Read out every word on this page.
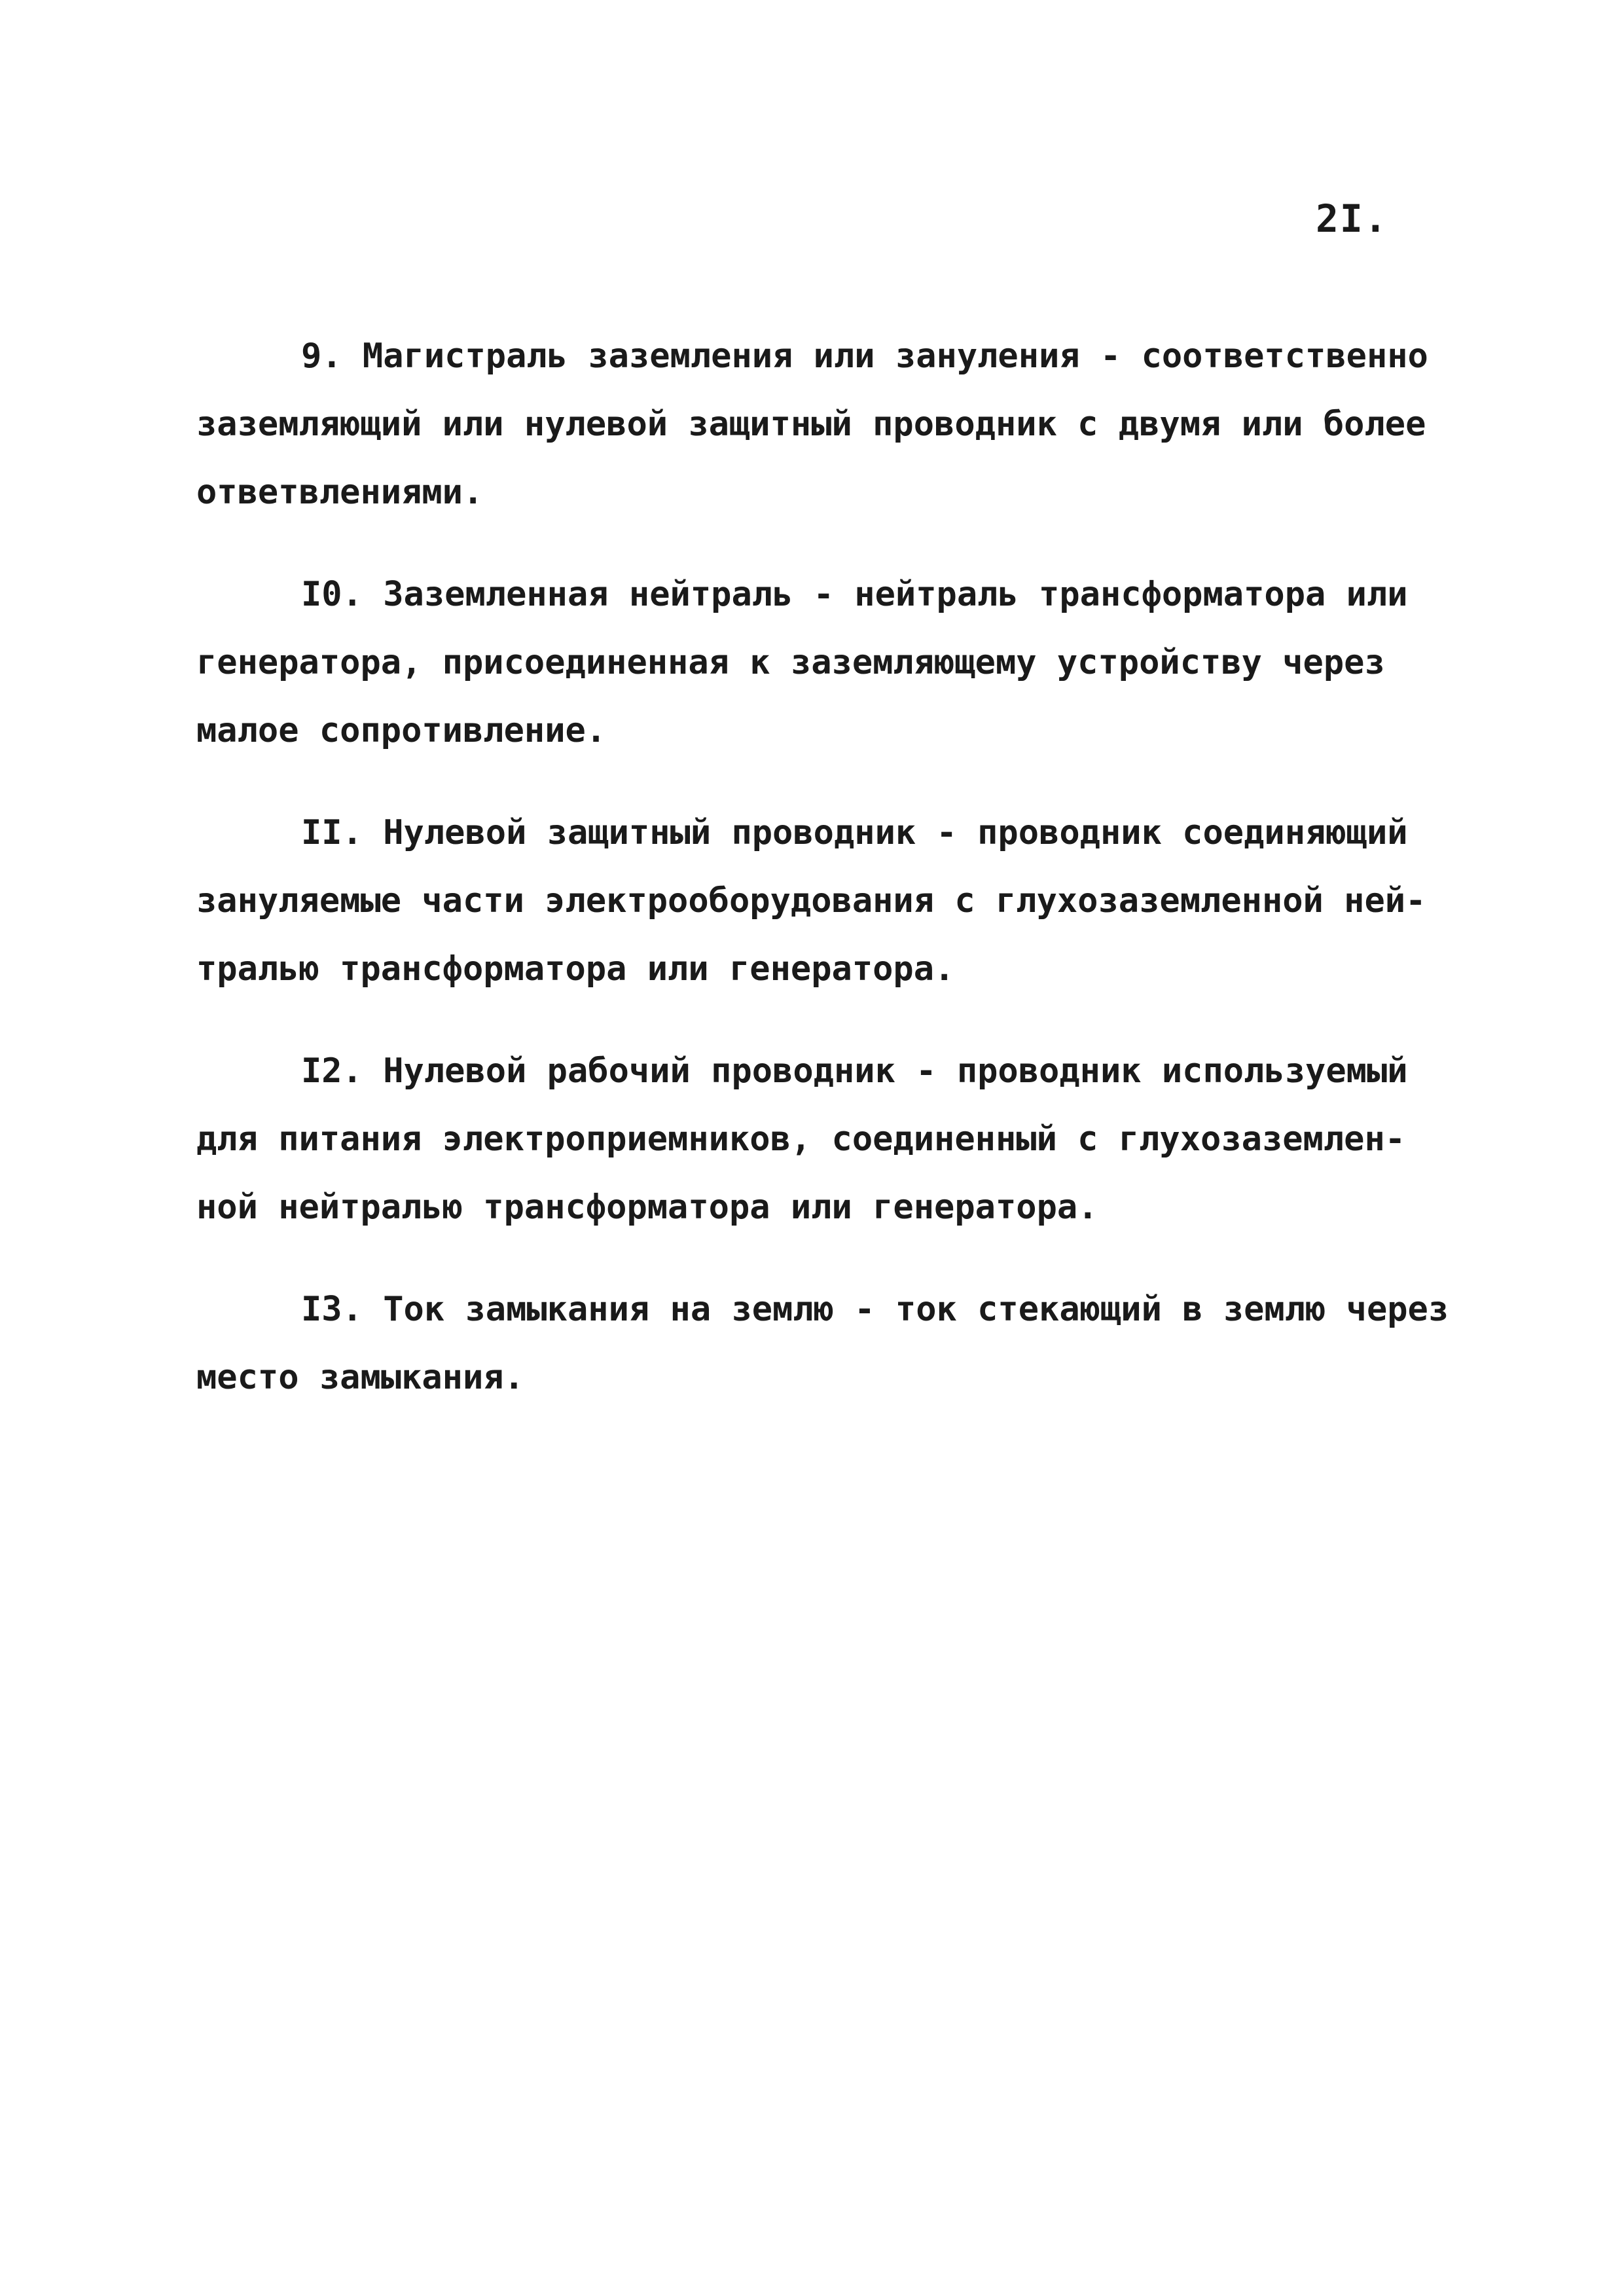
2I.
9. Магистраль заземления или зануления - соответственно
заземляющий или нулевой защитный проводник с двумя или более
ответвлениями.
I0. Заземленная нейтраль - нейтраль трансформатора или
генератора, присоединенная к заземляющему устройству через
малое сопротивление.
II. Нулевой защитный проводник - проводник соединяющий
зануляемые части электрооборудования с глухозаземленной ней-
тралью трансформатора или генератора.
I2. Нулевой рабочий проводник - проводник используемый
для питания электроприемников, соединенный с глухозаземлен-
ной нейтралью трансформатора или генератора.
I3. Ток замыкания на землю - ток стекающий в землю через
место замыкания.
